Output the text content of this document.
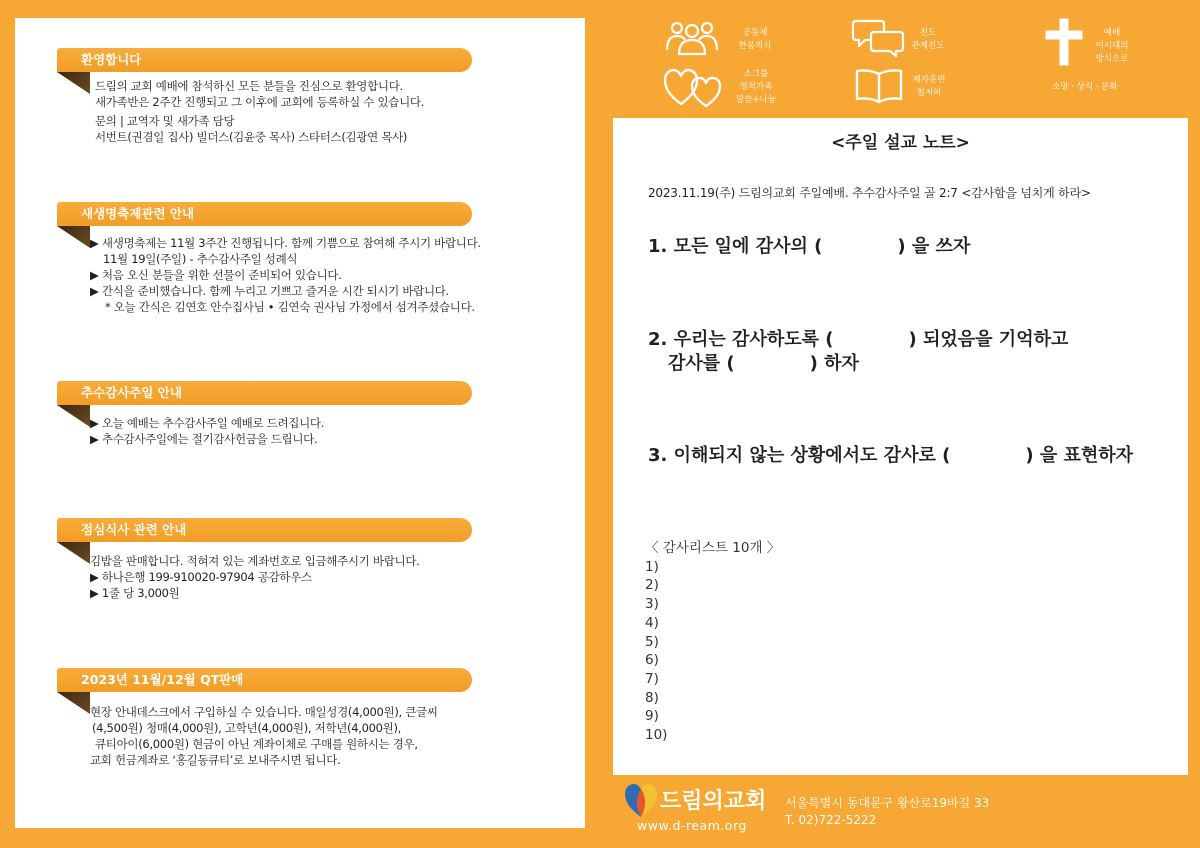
환영합니다
드림의 교회 예배에 참석하신 모든 분들을 진심으로 환영합니다.
새가족반은 2주간 진행되고 그 이후에 교회에 등록하실 수 있습니다.
문의 | 교역자 및 새가족 담당
서번트(권겸일 집사) 빌더스(김윤중 목사) 스타터스(김광연 목사)
새생명축제관련 안내
▶ 새생명축제는 11월 3주간 진행됩니다. 함께 기쁨으로 참여해 주시기 바랍니다.
11월 19일(주일) - 추수감사주일 성례식
▶ 처음 오신 분들을 위한 선물이 준비되어 있습니다.
▶ 간식을 준비했습니다. 함께 누리고 기쁘고 즐거운 시간 되시기 바랍니다.
* 오늘 간식은 김연호 안수집사님 • 김연숙 권사님 가정에서 섬겨주셨습니다.
추수감사주일 안내
▶ 오늘 예배는 추수감사주일 예배로 드려집니다.
▶ 추수감사주일에는 절기감사헌금을 드립니다.
점심식사 관련 안내
김밥을 판매합니다. 적혀져 있는 계좌번호로 입금해주시기 바랍니다.
▶ 하나은행 199-910020-97904 공감하우스
▶ 1줄 당 3,000원
2023년 11월/12월 QT판매
현장 안내데스크에서 구입하실 수 있습니다. 매일성경(4,000원), 큰글씨
(4,500원) 청매(4,000원), 고학년(4,000원), 저학년(4,000원),
큐티아이(6,000원) 현금이 아닌 계좌이체로 구매를 원하시는 경우,
교회 헌금계좌로 ‘홍길동큐티’로 보내주시면 됩니다.
공동체
한몸의식
전도
관계전도
예배
이시대의
방식으로
소그룹
영적가족
말씀+나눔
제자훈련
철저히
소망 · 상식 · 문화
<주일 설교 노트>
2023.11.19(주) 드림의교회 주일예배. 추수감사주일 골 2:7 <감사함을 넘치게 하라>
1. 모든 일에 감사의 (	) 을 쓰자
2. 우리는 감사하도록 (	) 되었음을 기억하고
감사를 (	) 하자
3. 이해되지 않는 상황에서도 감사로 (	) 을 표현하자
〈 감사리스트 10개 〉
1)
2)
3)
4)
5)
6)
7)
8)
9)
10)
드림의교회
www.d-ream.org
서울특별시 동대문구 왕산로19바길 33
T. 02)722-5222
